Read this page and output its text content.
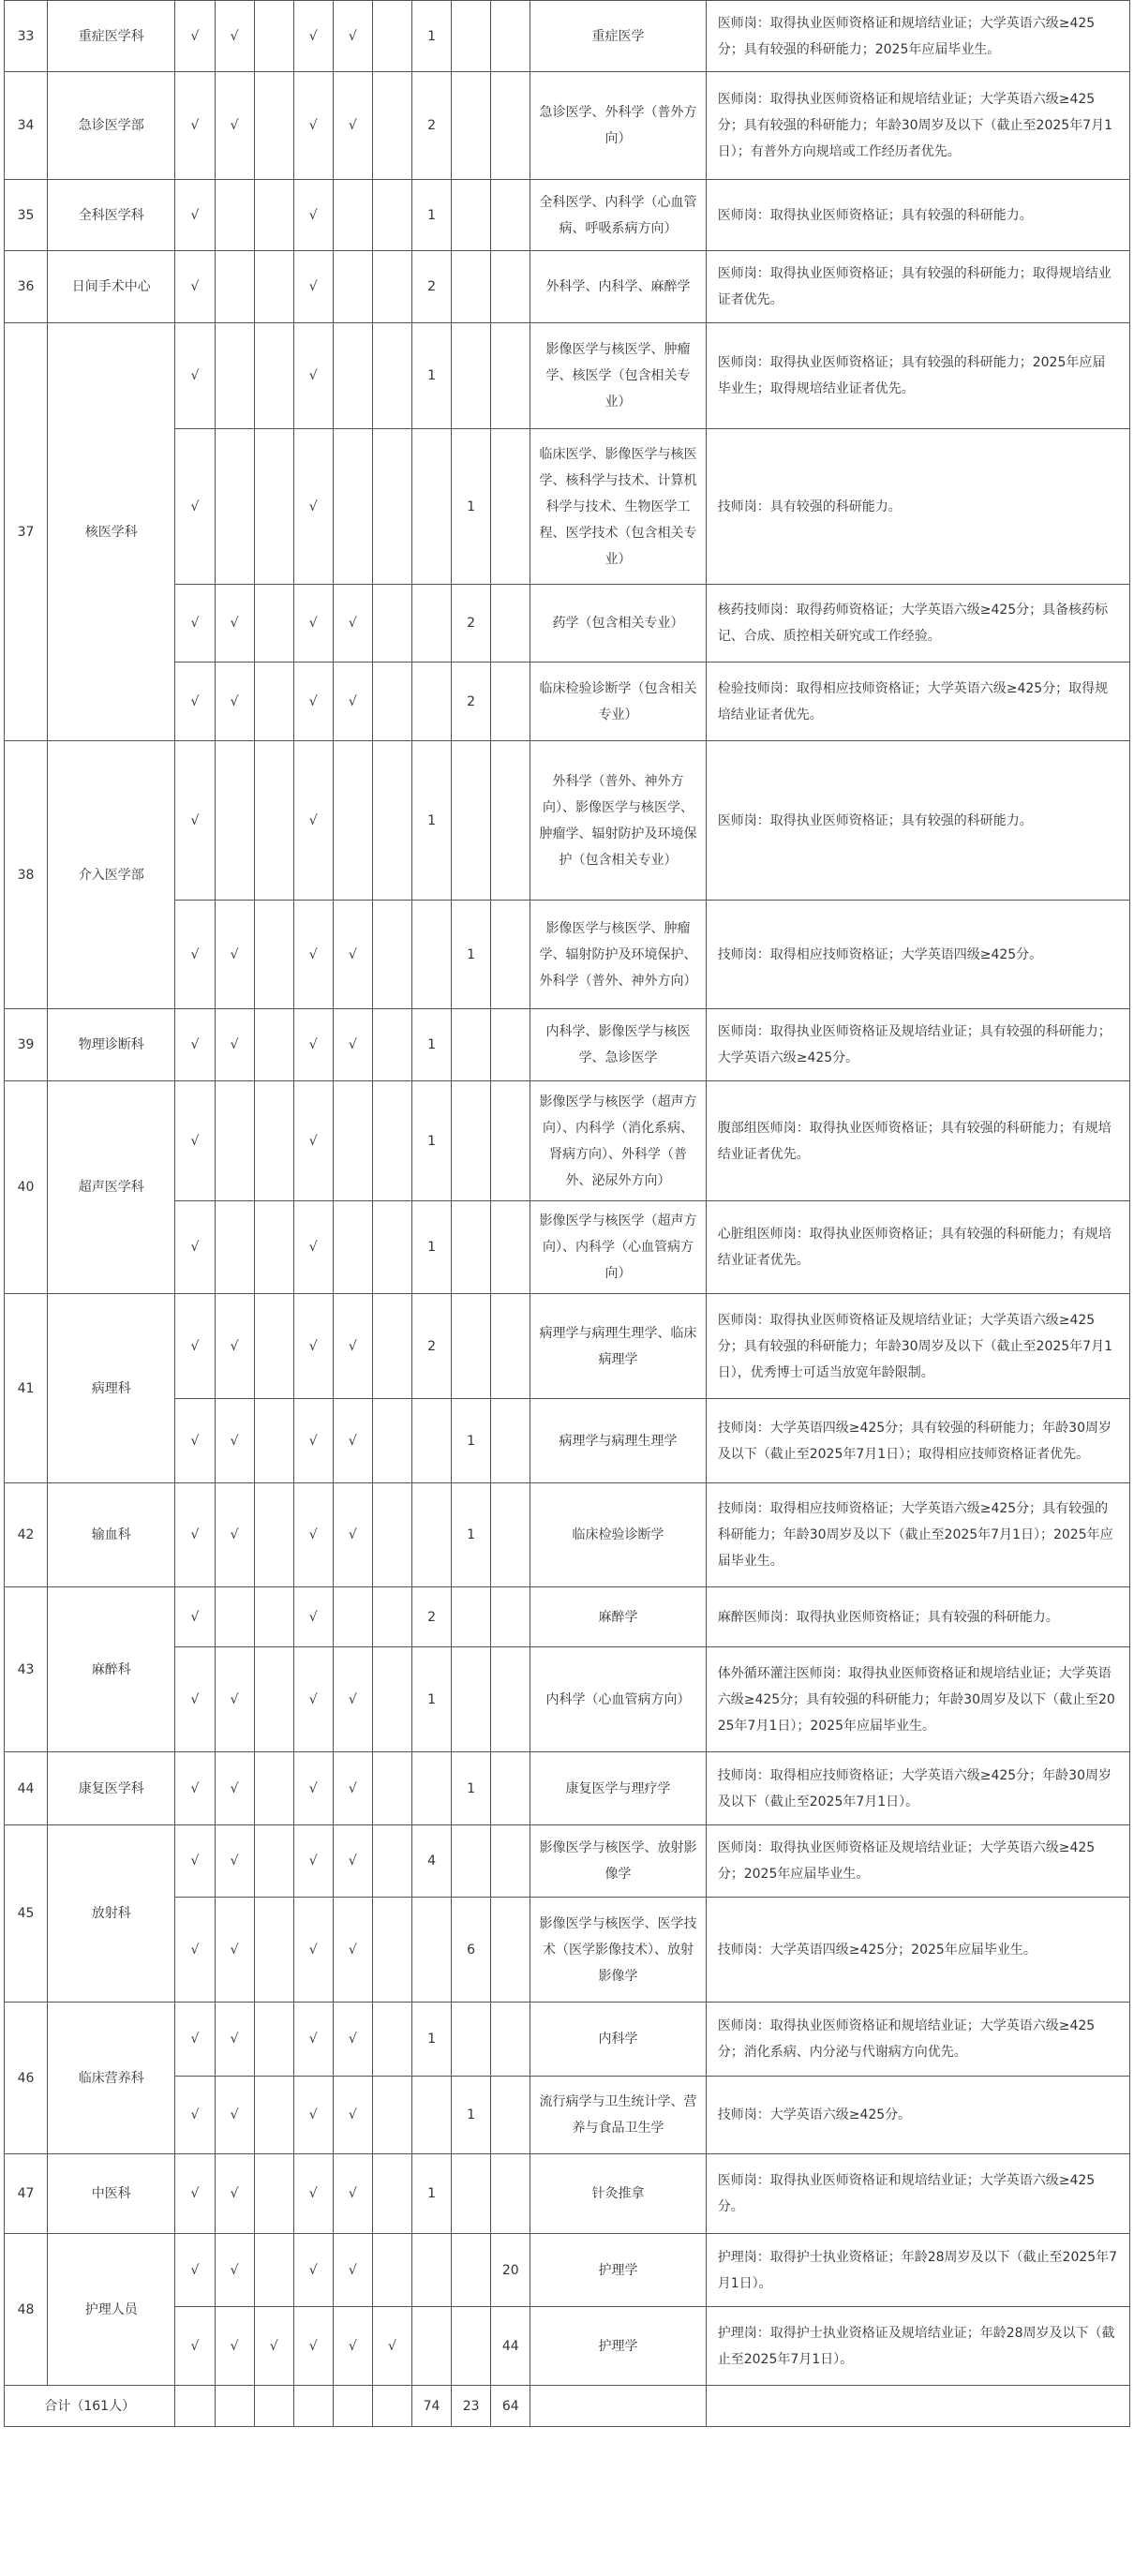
33	重症医学科	√	√		√	√		1			重症医学	医师岗：取得执业医师资格证和规培结业证；大学英语六级≥425分；具有较强的科研能力；2025年应届毕业生。
34	急诊医学部	√	√		√	√		2			急诊医学、外科学（普外方向）	医师岗：取得执业医师资格证和规培结业证；大学英语六级≥425分；具有较强的科研能力；年龄30周岁及以下（截止至2025年7月1日）；有普外方向规培或工作经历者优先。
35	全科医学科	√			√			1			全科医学、内科学（心血管病、呼吸系病方向）	医师岗：取得执业医师资格证；具有较强的科研能力。
36	日间手术中心	√			√			2			外科学、内科学、麻醉学	医师岗：取得执业医师资格证；具有较强的科研能力；取得规培结业证者优先。
37	核医学科	√			√			1			影像医学与核医学、肿瘤学、核医学（包含相关专业）	医师岗：取得执业医师资格证；具有较强的科研能力；2025年应届毕业生；取得规培结业证者优先。
		√			√				1		临床医学、影像医学与核医学、核科学与技术、计算机科学与技术、生物医学工程、医学技术（包含相关专业）	技师岗：具有较强的科研能力。
		√	√		√	√			2		药学（包含相关专业）	核药技师岗：取得药师资格证；大学英语六级≥425分；具备核药标记、合成、质控相关研究或工作经验。
		√	√		√	√			2		临床检验诊断学（包含相关专业）	检验技师岗：取得相应技师资格证；大学英语六级≥425分；取得规培结业证者优先。
38	介入医学部	√			√			1			外科学（普外、神外方向）、影像医学与核医学、肿瘤学、辐射防护及环境保护（包含相关专业）	医师岗：取得执业医师资格证；具有较强的科研能力。
		√	√		√	√			1		影像医学与核医学、肿瘤学、辐射防护及环境保护、外科学（普外、神外方向）	技师岗：取得相应技师资格证；大学英语四级≥425分。
39	物理诊断科	√	√		√	√		1			内科学、影像医学与核医学、急诊医学	医师岗：取得执业医师资格证及规培结业证；具有较强的科研能力；大学英语六级≥425分。
40	超声医学科	√			√			1			影像医学与核医学（超声方向）、内科学（消化系病、肾病方向）、外科学（普外、泌尿外方向）	腹部组医师岗：取得执业医师资格证；具有较强的科研能力；有规培结业证者优先。
		√			√			1			影像医学与核医学（超声方向）、内科学（心血管病方向）	心脏组医师岗：取得执业医师资格证；具有较强的科研能力；有规培结业证者优先。
41	病理科	√	√		√	√		2			病理学与病理生理学、临床病理学	医师岗：取得执业医师资格证及规培结业证；大学英语六级≥425分；具有较强的科研能力；年龄30周岁及以下（截止至2025年7月1日），优秀博士可适当放宽年龄限制。
		√	√		√	√			1		病理学与病理生理学	技师岗：大学英语四级≥425分；具有较强的科研能力；年龄30周岁及以下（截止至2025年7月1日）；取得相应技师资格证者优先。
42	输血科	√	√		√	√			1		临床检验诊断学	技师岗：取得相应技师资格证；大学英语六级≥425分；具有较强的科研能力；年龄30周岁及以下（截止至2025年7月1日）；2025年应届毕业生。
43	麻醉科	√			√			2			麻醉学	麻醉医师岗：取得执业医师资格证；具有较强的科研能力。
		√	√		√	√		1			内科学（心血管病方向）	体外循环灌注医师岗：取得执业医师资格证和规培结业证；大学英语六级≥425分；具有较强的科研能力；年龄30周岁及以下（截止至2025年7月1日）；2025年应届毕业生。
44	康复医学科	√	√		√	√			1		康复医学与理疗学	技师岗：取得相应技师资格证；大学英语六级≥425分；年龄30周岁及以下（截止至2025年7月1日）。
45	放射科	√	√		√	√		4			影像医学与核医学、放射影像学	医师岗：取得执业医师资格证及规培结业证；大学英语六级≥425分；2025年应届毕业生。
		√	√		√	√			6		影像医学与核医学、医学技术（医学影像技术）、放射影像学	技师岗：大学英语四级≥425分；2025年应届毕业生。
46	临床营养科	√	√		√	√		1			内科学	医师岗：取得执业医师资格证和规培结业证；大学英语六级≥425分；消化系病、内分泌与代谢病方向优先。
		√	√		√	√			1		流行病学与卫生统计学、营养与食品卫生学	技师岗：大学英语六级≥425分。
47	中医科	√	√		√	√		1			针灸推拿	医师岗：取得执业医师资格证和规培结业证；大学英语六级≥425分。
48	护理人员	√	√		√	√				20	护理学	护理岗：取得护士执业资格证；年龄28周岁及以下（截止至2025年7月1日）。
		√	√	√	√	√	√			44	护理学	护理岗：取得护士执业资格证及规培结业证；年龄28周岁及以下（截止至2025年7月1日）。
合计（161人）								74	23	64		
